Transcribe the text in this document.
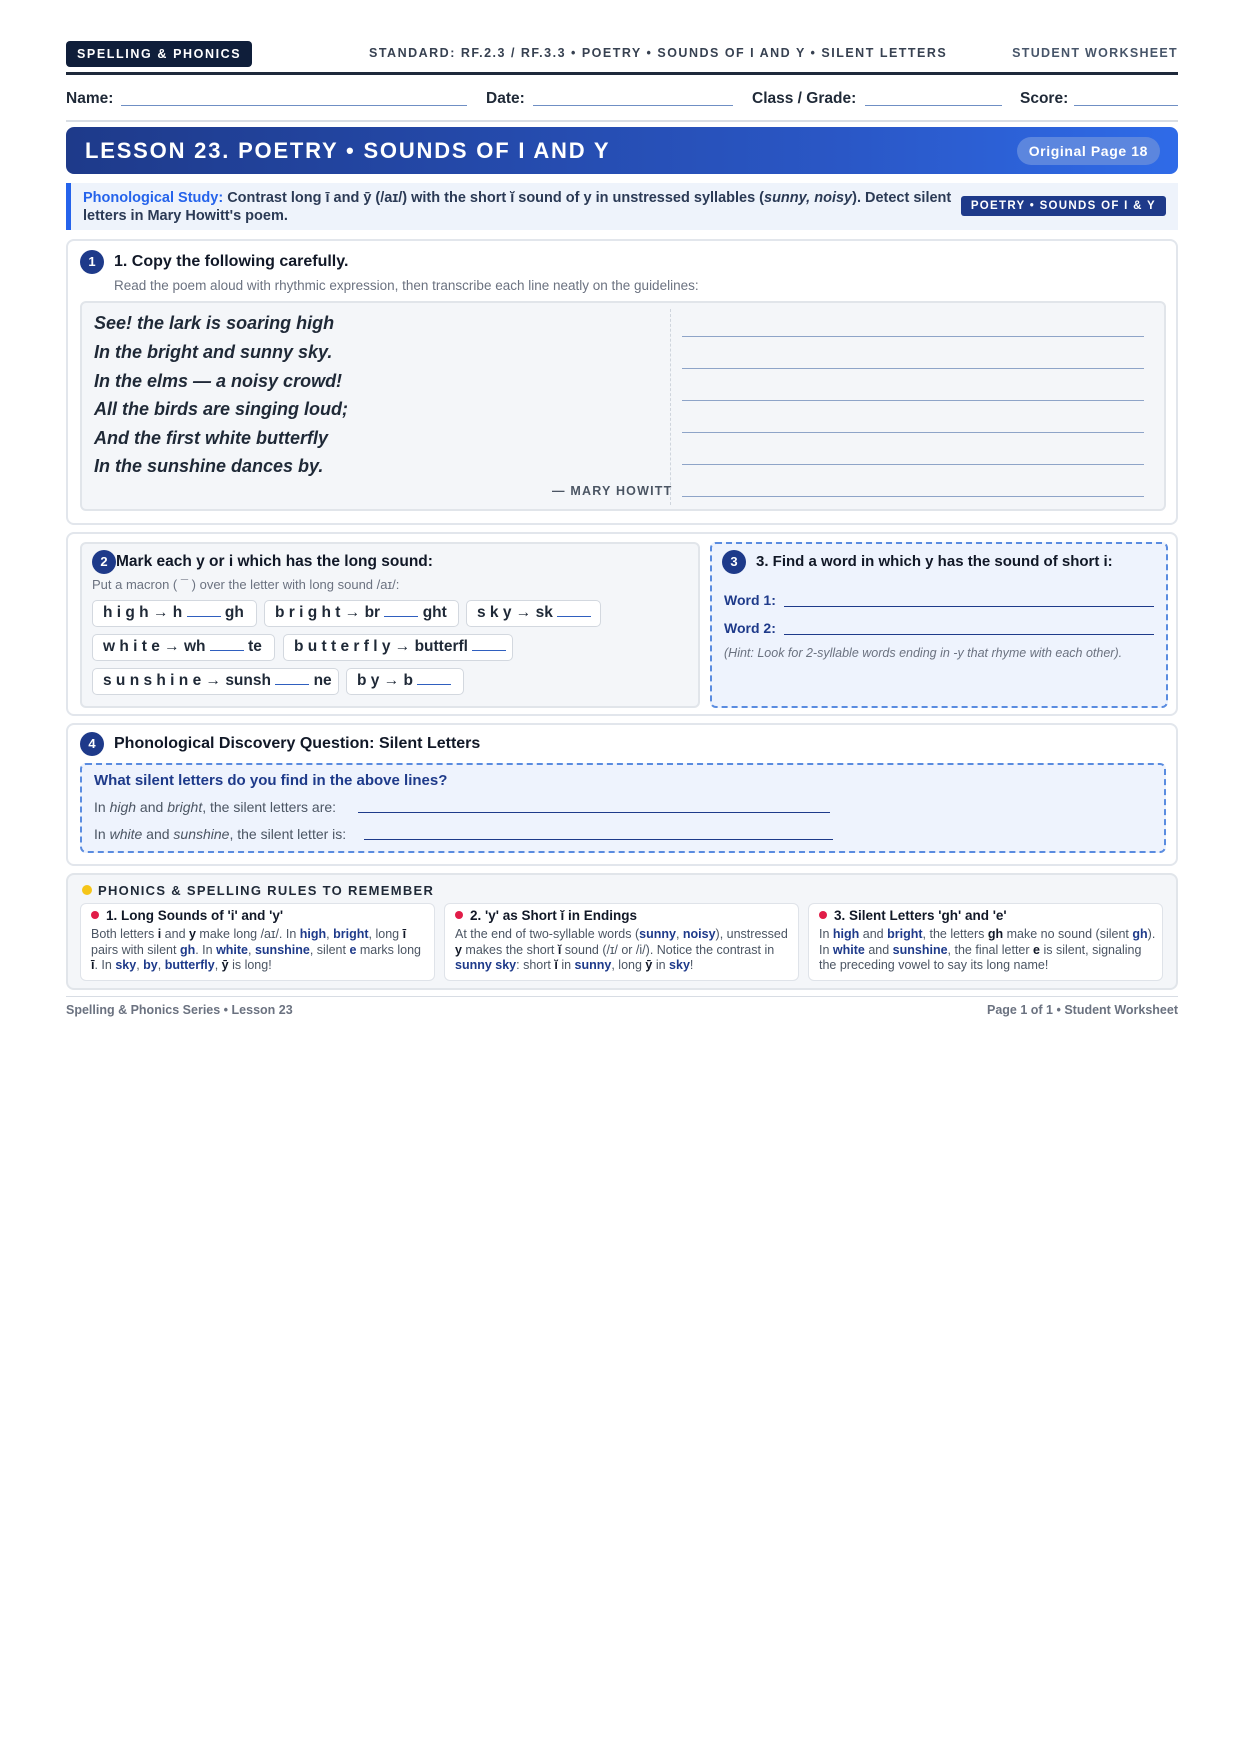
SPELLING & PHONICS	STANDARD: RF.2.3 / RF.3.3 • POETRY • SOUNDS OF I AND Y • SILENT LETTERS	STUDENT WORKSHEET
Name:	Date:	Class / Grade:	Score:
LESSON 23. POETRY • SOUNDS OF I AND Y	Original Page 18
Phonological Study: Contrast long ī and ȳ (/aɪ/) with the short ĭ sound of y in unstressed syllables (sunny, noisy). Detect silent letters in Mary Howitt's poem.
POETRY • SOUNDS OF I & Y
1	1. Copy the following carefully.
Read the poem aloud with rhythmic expression, then transcribe each line neatly on the guidelines:
See! the lark is soaring high
In the bright and sunny sky.
In the elms — a noisy crowd!
All the birds are singing loud;
And the first white butterfly
In the sunshine dances by.
— MARY HOWITT
2 Mark each y or i which has the long sound:
Put a macron ( ¯ ) over the letter with long sound /aɪ/:
h i g h → h	gh	b r i g h t → br	ght	s k y → sk
w h i t e → wh	te	b u t t e r f l y → butterfl
s u n s h i n e → sunsh	ne	b y → b
3	3. Find a word in which y has the sound of short i:
Word 1:
Word 2:
(Hint: Look for 2-syllable words ending in -y that rhyme with each other).
4	Phonological Discovery Question: Silent Letters
What silent letters do you find in the above lines?
In high and bright, the silent letters are:
In white and sunshine, the silent letter is:
PHONICS & SPELLING RULES TO REMEMBER
1. Long Sounds of 'i' and 'y'
Both letters i and y make long /aɪ/. In high, bright, long ī pairs with silent gh. In white, sunshine, silent e marks long ī. In sky, by, butterfly, ȳ is long!
2. 'y' as Short ĭ in Endings
At the end of two-syllable words (sunny, noisy), unstressed y makes the short ĭ sound (/ɪ/ or /i/). Notice the contrast in sunny sky: short ĭ in sunny, long ȳ in sky!
3. Silent Letters 'gh' and 'e'
In high and bright, the letters gh make no sound (silent gh). In white and sunshine, the final letter e is silent, signaling the preceding vowel to say its long name!
Spelling & Phonics Series • Lesson 23	Page 1 of 1 • Student Worksheet
